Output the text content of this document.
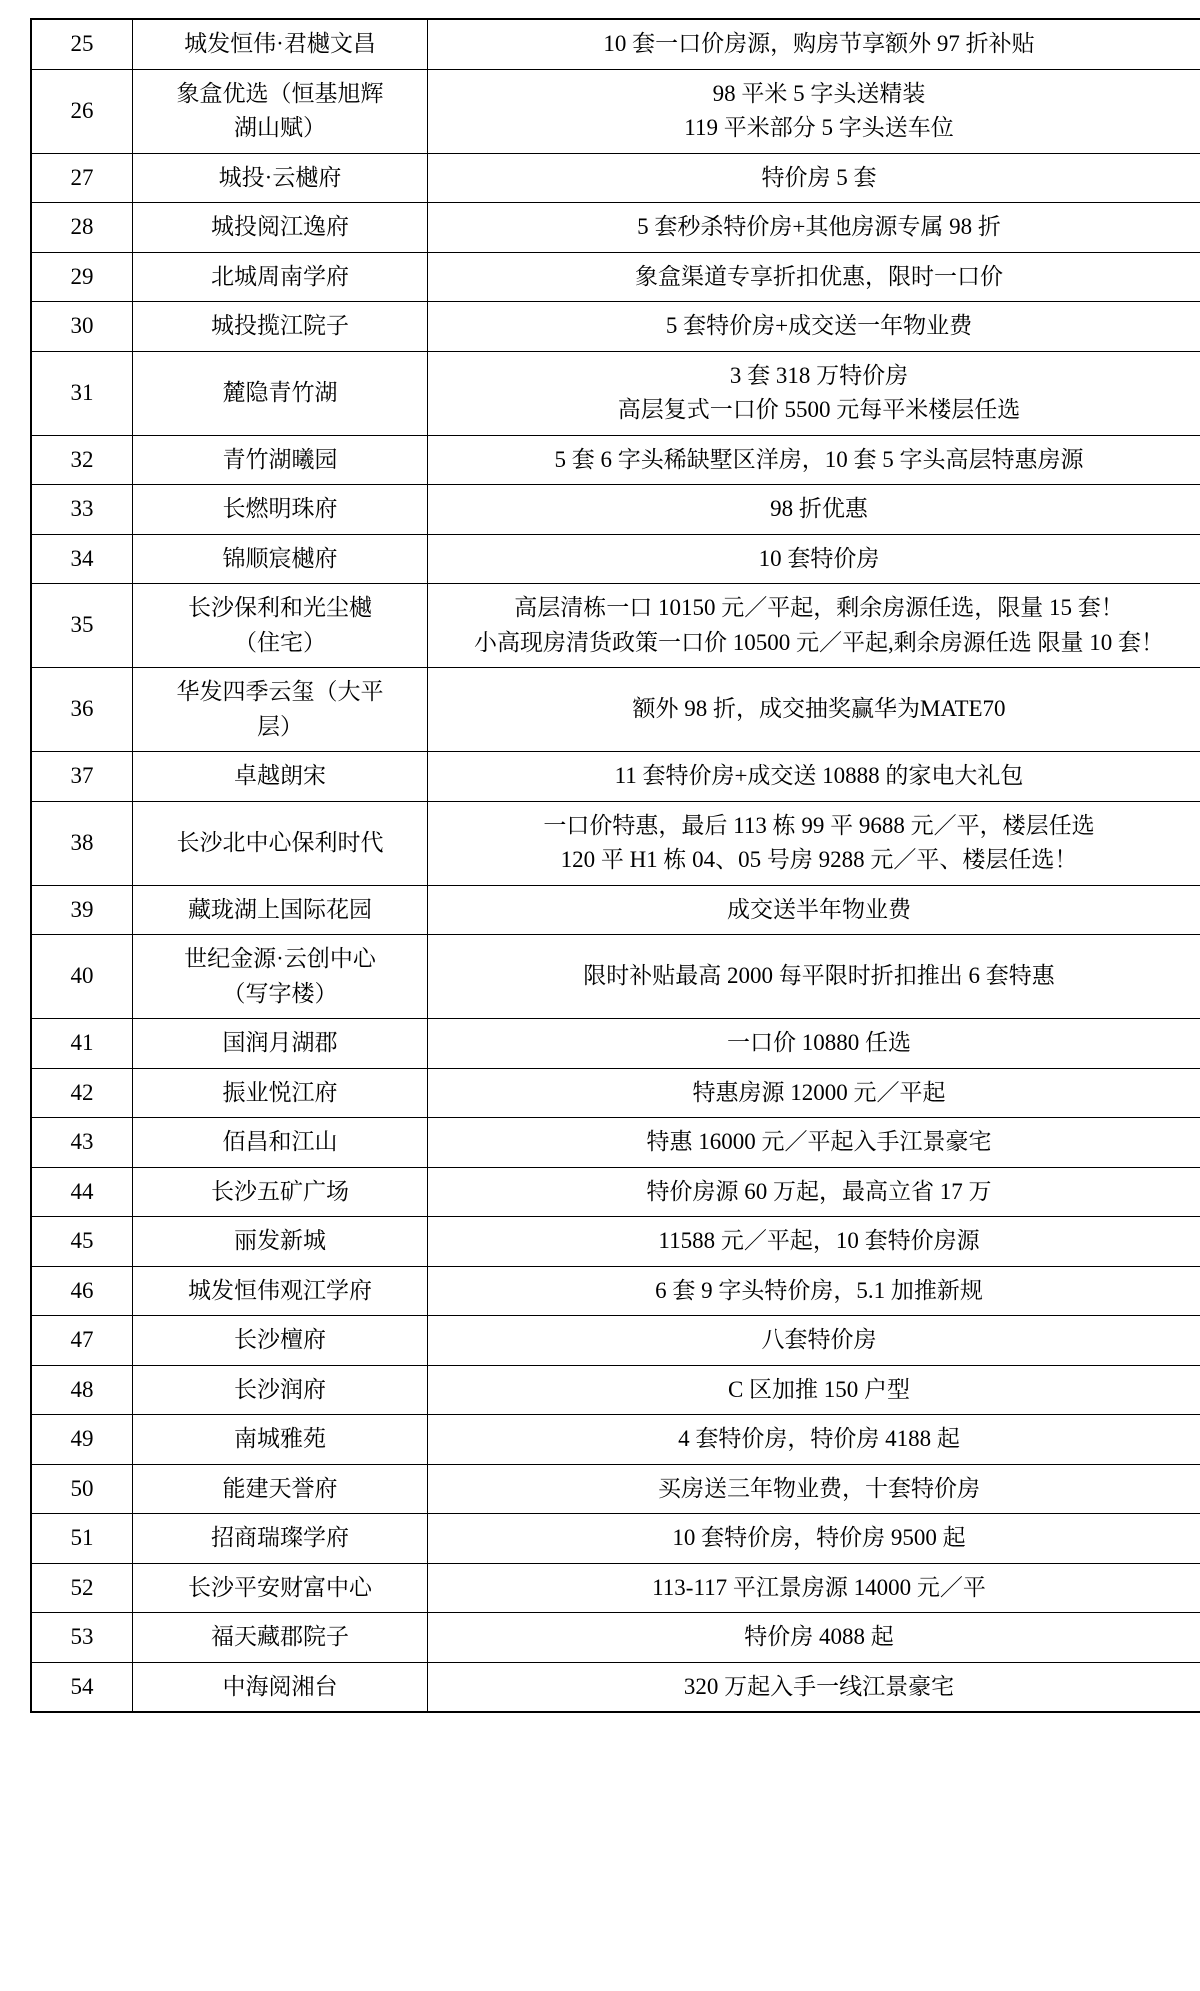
25	城发恒伟·君樾文昌	10 套一口价房源，购房节享额外 97 折补贴

26	象盒优选（恒基旭辉
湖山赋）	98 平米 5 字头送精装
119 平米部分 5 字头送车位

27	城投·云樾府	特价房 5 套

28	城投阅江逸府	5 套秒杀特价房+其他房源专属 98 折

29	北城周南学府	象盒渠道专享折扣优惠，限时一口价

30	城投揽江院子	5 套特价房+成交送一年物业费

31	麓隐青竹湖	3 套 318 万特价房
高层复式一口价 5500 元每平米楼层任选

32	青竹湖曦园	5 套 6 字头稀缺墅区洋房，10 套 5 字头高层特惠房源

33	长燃明珠府	98 折优惠

34	锦顺宸樾府	10 套特价房

35	长沙保利和光尘樾
（住宅）	高层清栋一口 10150 元／平起，剩余房源任选，限量 15 套！
小高现房清货政策一口价 10500 元／平起,剩余房源任选 限量 10 套！

36	华发四季云玺（大平
层）	额外 98 折，成交抽奖赢华为MATE70

37	卓越朗宋	11 套特价房+成交送 10888 的家电大礼包

38	长沙北中心保利时代	一口价特惠，最后 113 栋 99 平 9688 元／平，楼层任选
120 平 H1 栋 04、05 号房 9288 元／平、楼层任选！

39	藏珑湖上国际花园	成交送半年物业费

40	世纪金源·云创中心
（写字楼）	限时补贴最高 2000 每平限时折扣推出 6 套特惠

41	国润月湖郡	一口价 10880 任选

42	振业悦江府	特惠房源 12000 元／平起

43	佰昌和江山	特惠 16000 元／平起入手江景豪宅

44	长沙五矿广场	特价房源 60 万起，最高立省 17 万

45	丽发新城	11588 元／平起，10 套特价房源

46	城发恒伟观江学府	6 套 9 字头特价房，5.1 加推新规

47	长沙檀府	八套特价房

48	长沙润府	C 区加推 150 户型

49	南城雅苑	4 套特价房，特价房 4188 起

50	能建天誉府	买房送三年物业费，十套特价房

51	招商瑞璨学府	10 套特价房，特价房 9500 起

52	长沙平安财富中心	113-117 平江景房源 14000 元／平

53	福天藏郡院子	特价房 4088 起

54	中海阅湘台	320 万起入手一线江景豪宅
